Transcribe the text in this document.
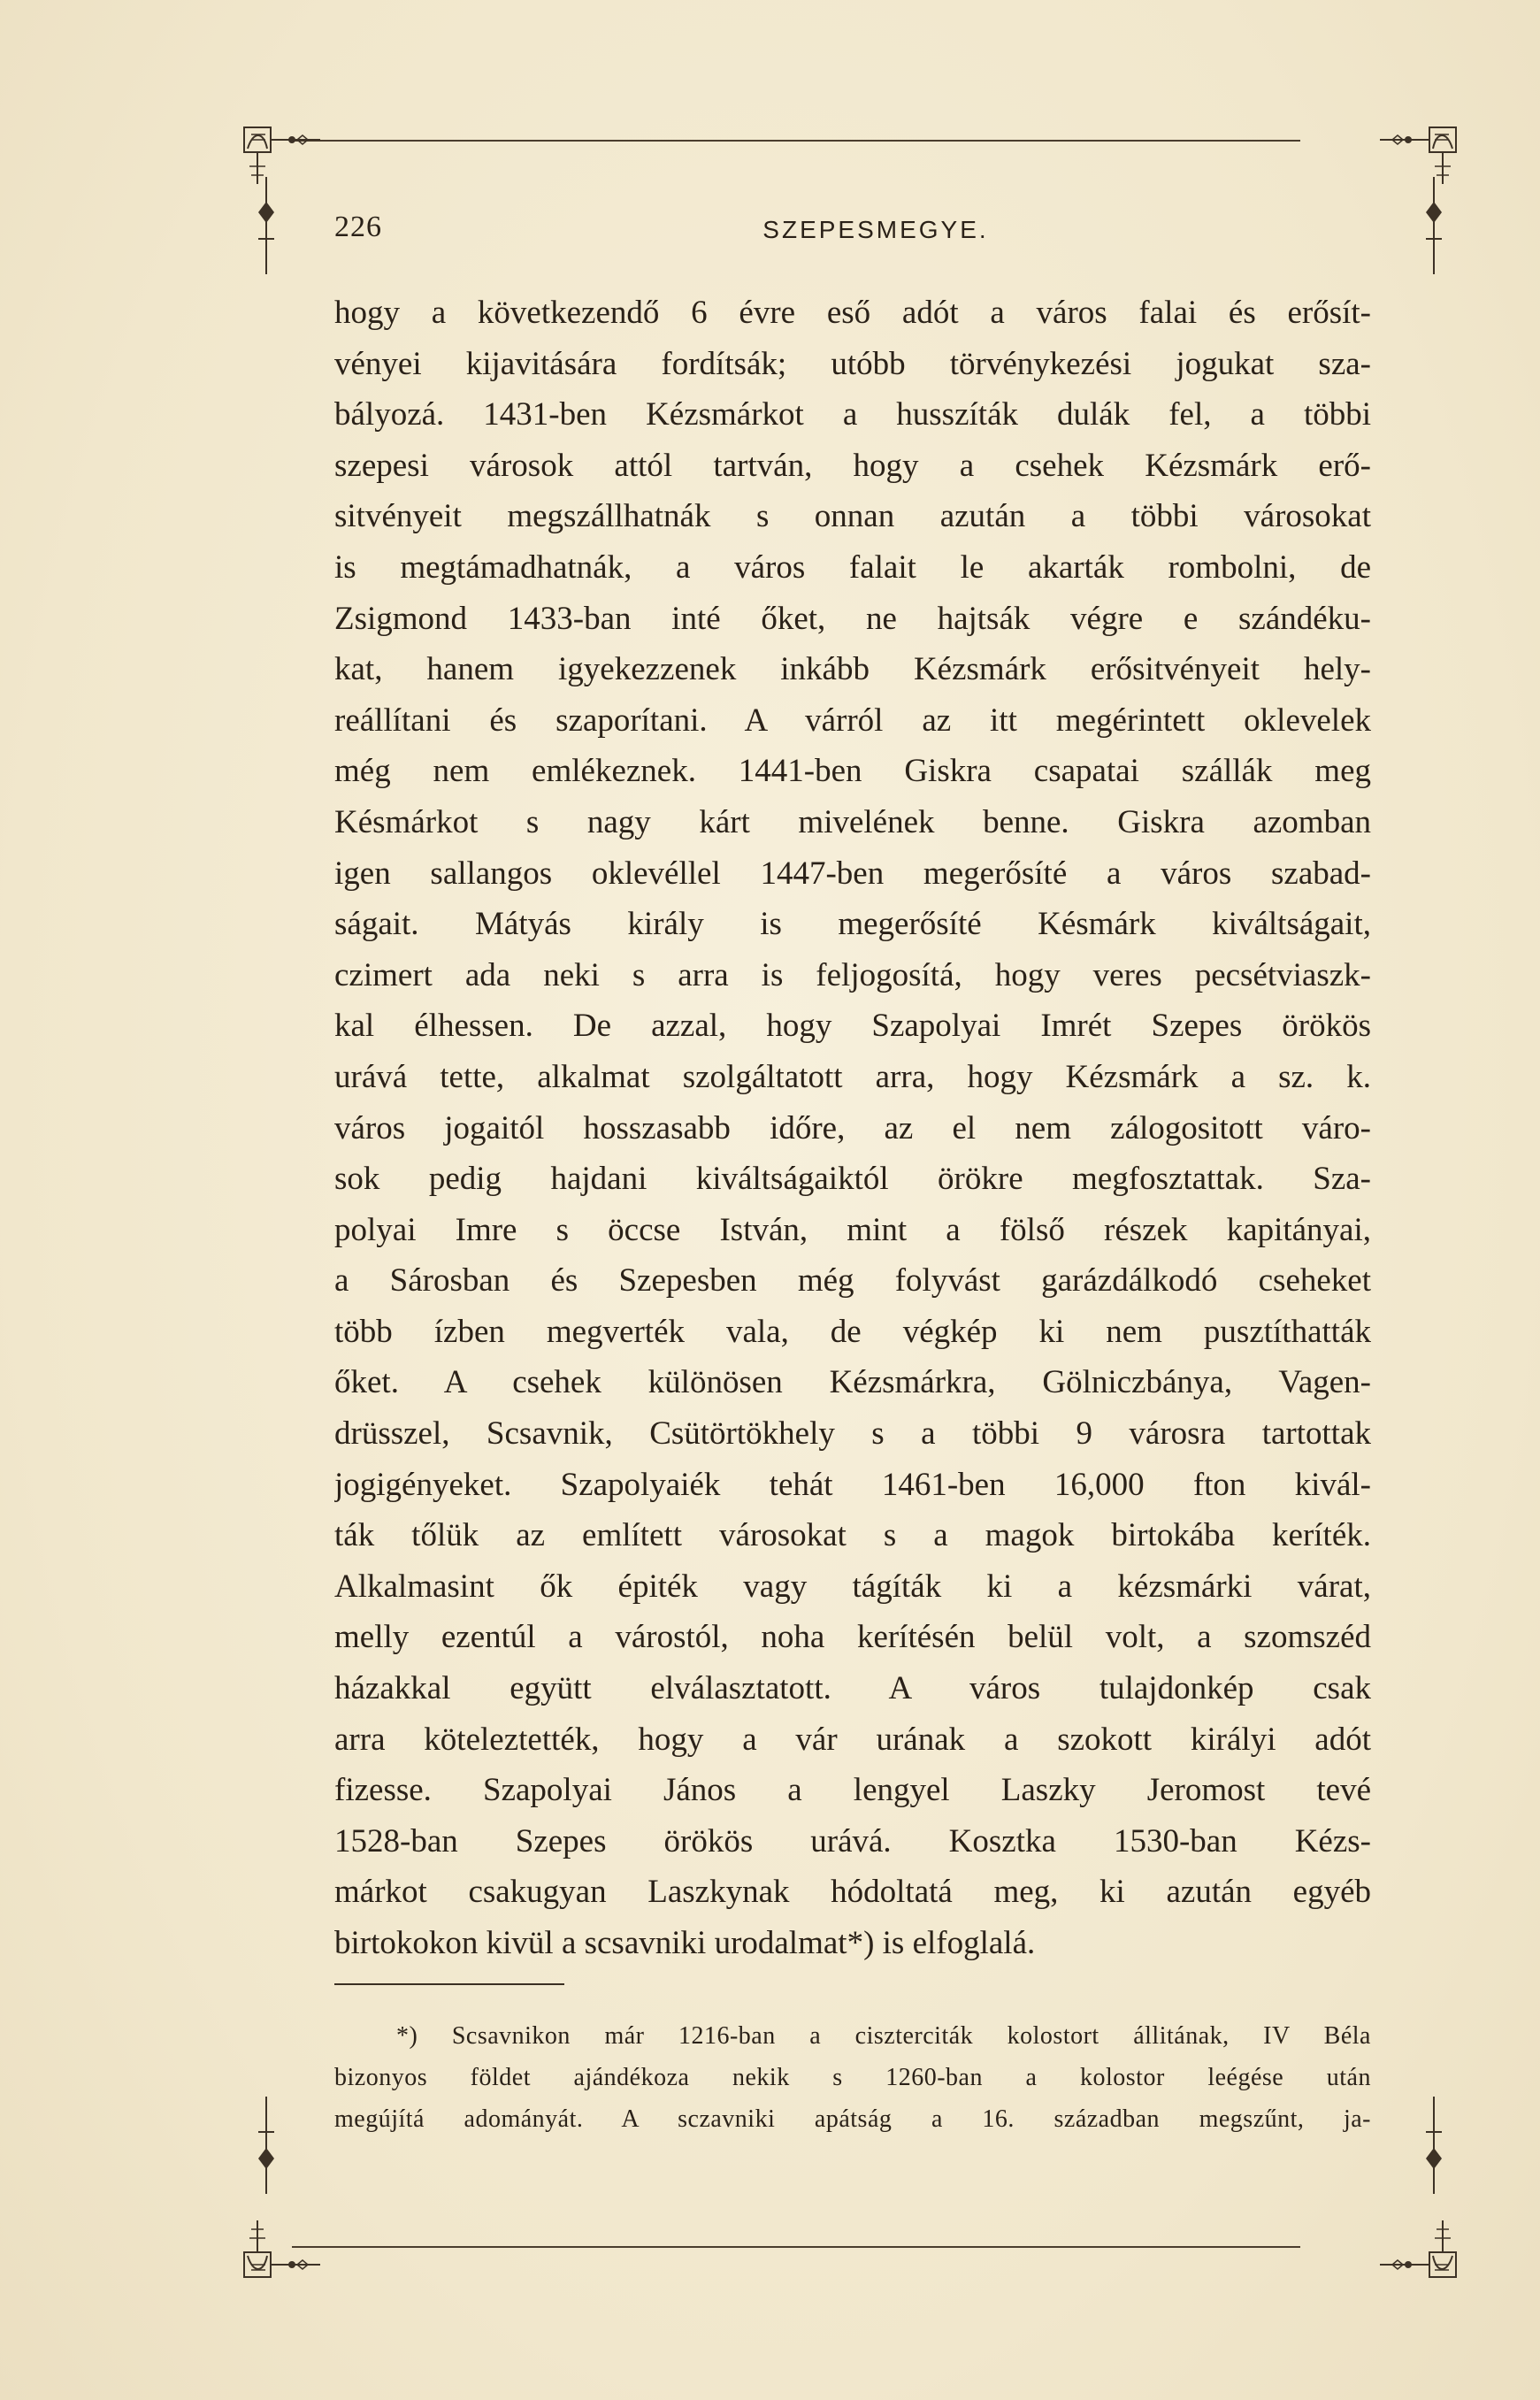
226	SZEPESMEGYE.
hogy a következendő 6 évre eső adót a város falai és erősít-
vényei kijavitására fordítsák; utóbb törvénykezési jogukat sza-
bályozá. 1431-ben Kézsmárkot a husszíták dulák fel, a többi
szepesi városok attól tartván, hogy a csehek Kézsmárk erő-
sitvényeit megszállhatnák s onnan azután a többi városokat
is megtámadhatnák, a város falait le akarták rombolni, de
Zsigmond 1433-ban inté őket, ne hajtsák végre e szándéku-
kat, hanem igyekezzenek inkább Kézsmárk erősitvényeit hely-
reállítani és szaporítani. A várról az itt megérintett oklevelek
még nem emlékeznek. 1441-ben Giskra csapatai szállák meg
Késmárkot s nagy kárt mivelének benne. Giskra azomban
igen sallangos oklevéllel 1447-ben megerősíté a város szabad-
ságait. Mátyás király is megerősíté Késmárk kiváltságait,
czimert ada neki s arra is feljogosítá, hogy veres pecsétviaszk-
kal élhessen. De azzal, hogy Szapolyai Imrét Szepes örökös
urává tette, alkalmat szolgáltatott arra, hogy Kézsmárk a sz. k.
város jogaitól hosszasabb időre, az el nem zálogositott váro-
sok pedig hajdani kiváltságaiktól örökre megfosztattak. Sza-
polyai Imre s öccse István, mint a fölső részek kapitányai,
a Sárosban és Szepesben még folyvást garázdálkodó cseheket
több ízben megverték vala, de végkép ki nem pusztíthatták
őket. A csehek különösen Kézsmárkra, Gölniczbánya, Vagen-
drüsszel, Scsavnik, Csütörtökhely s a többi 9 városra tartottak
jogigényeket. Szapolyaiék tehát 1461-ben 16,000 fton kivál-
ták tőlük az említett városokat s a magok birtokába keríték.
Alkalmasint ők épiték vagy tágíták ki a kézsmárki várat,
melly ezentúl a várostól, noha kerítésén belül volt, a szomszéd
házakkal együtt elválasztatott. A város tulajdonkép csak
arra köteleztették, hogy a vár urának a szokott királyi adót
fizesse. Szapolyai János a lengyel Laszky Jeromost tevé
1528-ban Szepes örökös urává. Kosztka 1530-ban Kézs-
márkot csakugyan Laszkynak hódoltatá meg, ki azután egyéb
birtokokon kivül a scsavniki urodalmat*) is elfoglalá.
*) Scsavnikon már 1216-ban a ciszterciták kolostort állitának, IV Béla
bizonyos földet ajándékoza nekik s 1260-ban a kolostor leégése után
megújítá adományát. A sczavniki apátság a 16. században megszűnt, ja-
